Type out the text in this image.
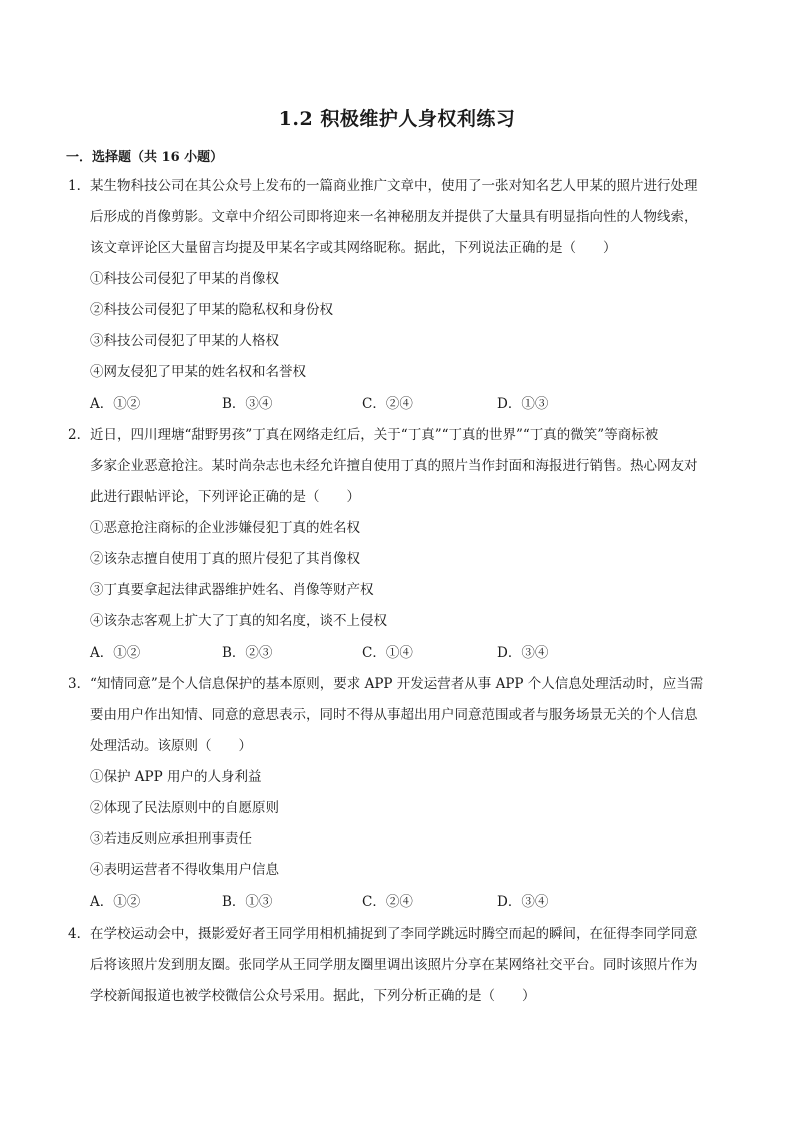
1.2 积极维护人身权利练习
一．选择题（共 16 小题）
1． 某生物科技公司在其公众号上发布的一篇商业推广文章中，使用了一张对知名艺人甲某的照片进行处理
后形成的肖像剪影。文章中介绍公司即将迎来一名神秘朋友并提供了大量具有明显指向性的人物线索，
该文章评论区大量留言均提及甲某名字或其网络昵称。据此，下列说法正确的是（　　）
①科技公司侵犯了甲某的肖像权
②科技公司侵犯了甲某的隐私权和身份权
③科技公司侵犯了甲某的人格权
④网友侵犯了甲某的姓名权和名誉权
A．①②	B．③④	C．②④	D．①③
2． 近日，四川理塘“甜野男孩”丁真在网络走红后，关于“丁真”“丁真的世界”“丁真的微笑”等商标被
多家企业恶意抢注。某时尚杂志也未经允许擅自使用丁真的照片当作封面和海报进行销售。热心网友对
此进行跟帖评论，下列评论正确的是（　　）
①恶意抢注商标的企业涉嫌侵犯丁真的姓名权
②该杂志擅自使用丁真的照片侵犯了其肖像权
③丁真要拿起法律武器维护姓名、肖像等财产权
④该杂志客观上扩大了丁真的知名度，谈不上侵权
A．①②	B．②③	C．①④	D．③④
3． “知情同意”是个人信息保护的基本原则，要求 APP 开发运营者从事 APP 个人信息处理活动时，应当需
要由用户作出知情、同意的意思表示，同时不得从事超出用户同意范围或者与服务场景无关的个人信息
处理活动。该原则（　　）
①保护 APP 用户的人身利益
②体现了民法原则中的自愿原则
③若违反则应承担刑事责任
④表明运营者不得收集用户信息
A．①②	B．①③	C．②④	D．③④
4． 在学校运动会中，摄影爱好者王同学用相机捕捉到了李同学跳远时腾空而起的瞬间，在征得李同学同意
后将该照片发到朋友圈。张同学从王同学朋友圈里调出该照片分享在某网络社交平台。同时该照片作为
学校新闻报道也被学校微信公众号采用。据此，下列分析正确的是（　　）
